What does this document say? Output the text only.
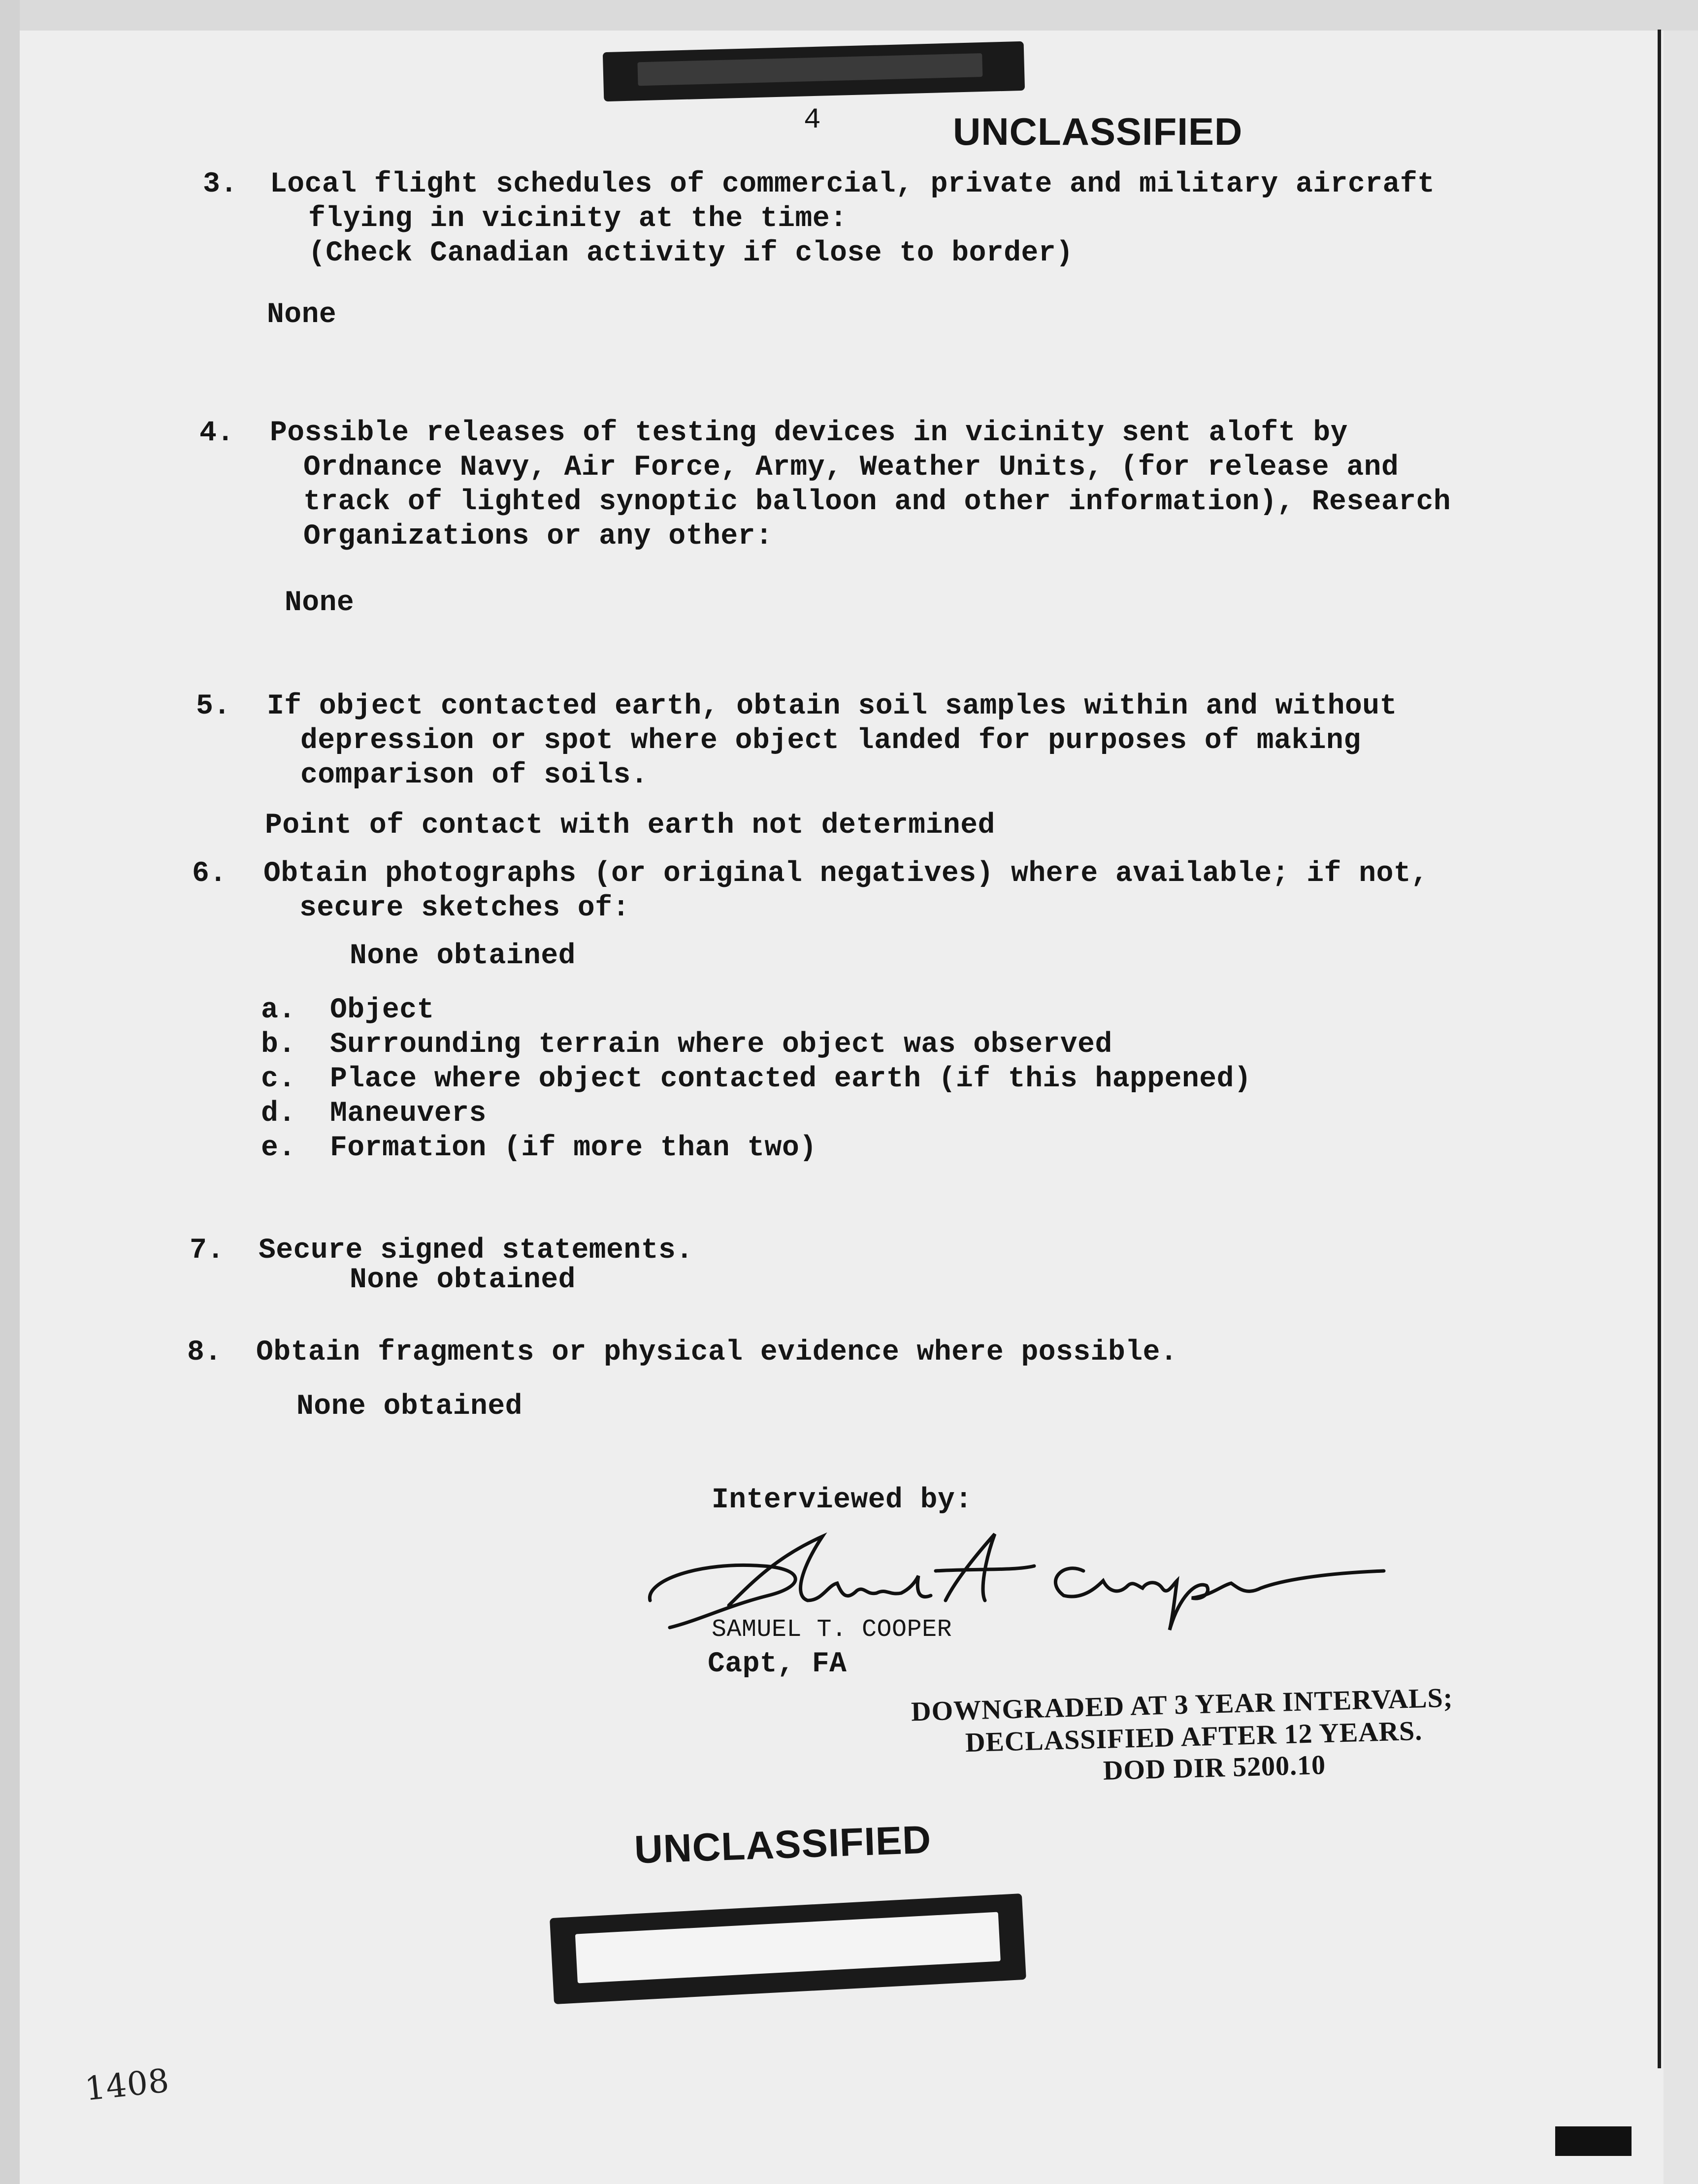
4	UNCLASSIFIED
3. Local flight schedules of commercial, private and military aircraft
flying in vicinity at the time:
(Check Canadian activity if close to border)
None
4. Possible releases of testing devices in vicinity sent aloft by
Ordnance Navy, Air Force, Army, Weather Units, (for release and
track of lighted synoptic balloon and other information), Research
Organizations or any other:
None
5. If object contacted earth, obtain soil samples within and without
depression or spot where object landed for purposes of making
comparison of soils.
Point of contact with earth not determined
6. Obtain photographs (or original negatives) where available; if not,
secure sketches of:
None obtained
a. Object
b. Surrounding terrain where object was observed
c. Place where object contacted earth (if this happened)
d. Maneuvers
e. Formation (if more than two)
7. Secure signed statements.
None obtained
8. Obtain fragments or physical evidence where possible.
None obtained
Interviewed by:
SAMUEL T. COOPER
Capt, FA
DOWNGRADED AT 3 YEAR INTERVALS;
DECLASSIFIED AFTER 12 YEARS.
DOD DIR 5200.10
UNCLASSIFIED
1408
